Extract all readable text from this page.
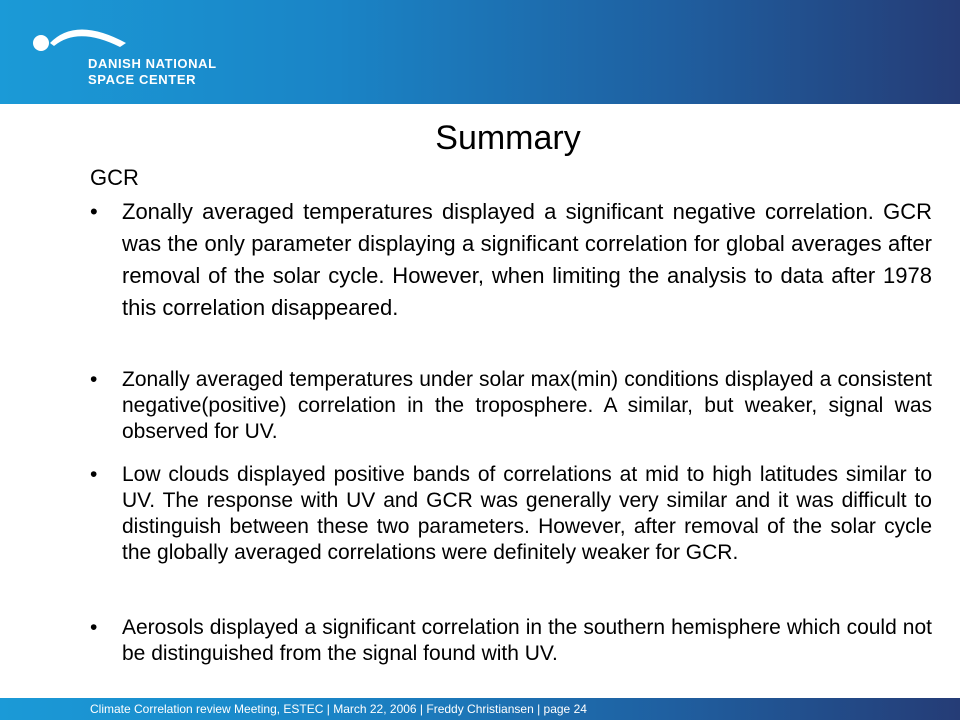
DANISH NATIONAL
SPACE CENTER
Summary
GCR
• Zonally averaged temperatures displayed a significant negative correlation. GCR was the only parameter displaying a significant correlation for global averages after removal of the solar cycle. However, when limiting the analysis to data after 1978 this correlation disappeared.
• Zonally averaged temperatures under solar max(min) conditions displayed a consistent negative(positive) correlation in the troposphere. A similar, but weaker, signal was observed for UV.
• Low clouds displayed positive bands of correlations at mid to high latitudes similar to UV. The response with UV and GCR was generally very similar and it was difficult to distinguish between these two parameters. However, after removal of the solar cycle the globally averaged correlations were definitely weaker for GCR.
• Aerosols displayed a significant correlation in the southern hemisphere which could not be distinguished from the signal found with UV.
Climate Correlation review Meeting, ESTEC | March 22, 2006 | Freddy Christiansen | page 24
